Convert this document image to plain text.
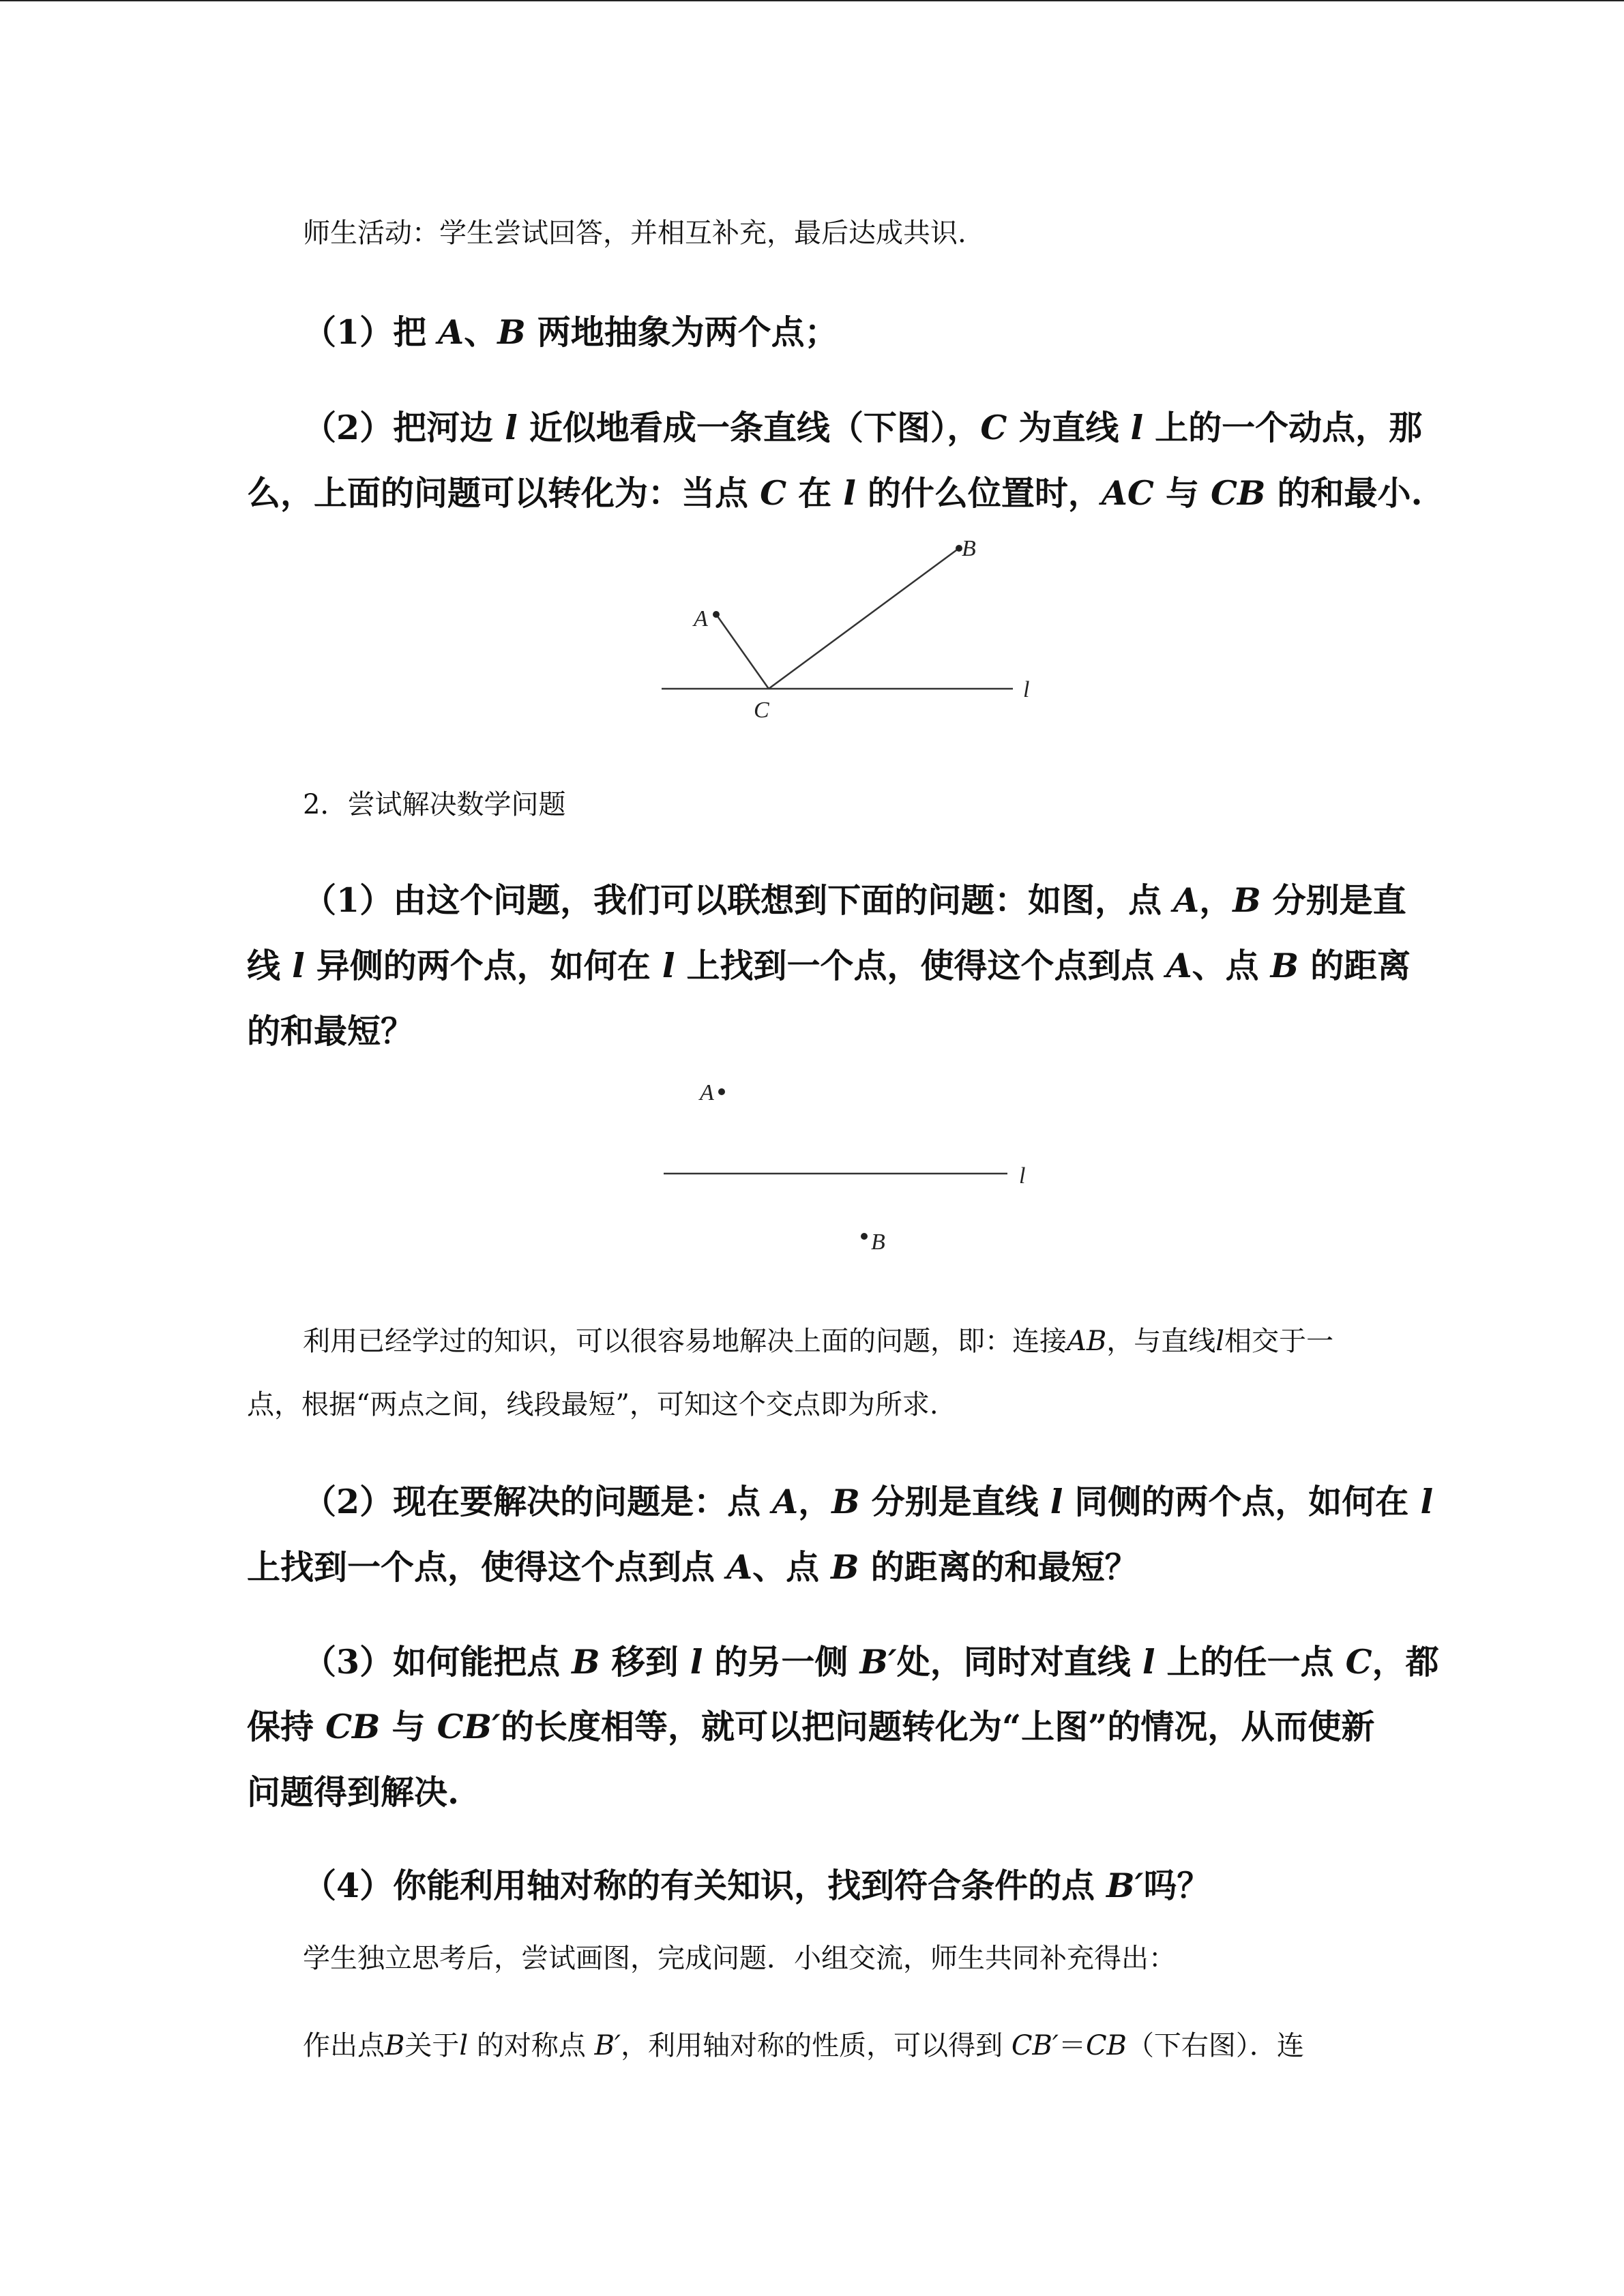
师生活动：学生尝试回答，并相互补充，最后达成共识.

（1）把 A、B 两地抽象为两个点；

（2）把河边 l 近似地看成一条直线（下图），C 为直线 l 上的一个动点，那

么，上面的问题可以转化为：当点 C 在 l 的什么位置时，AC 与 CB 的和最小.

A
B
C
l

2．尝试解决数学问题

（1）由这个问题，我们可以联想到下面的问题：如图，点 A，B 分别是直

线 l 异侧的两个点，如何在 l 上找到一个点，使得这个点到点 A、点 B 的距离

的和最短？

A
B
l

利用已经学过的知识，可以很容易地解决上面的问题，即：连接AB，与直线l相交于一

点，根据“两点之间，线段最短”，可知这个交点即为所求.

（2）现在要解决的问题是：点 A，B 分别是直线 l 同侧的两个点，如何在 l

上找到一个点，使得这个点到点 A、点 B 的距离的和最短？

（3）如何能把点 B 移到 l 的另一侧 B′处，同时对直线 l 上的任一点 C，都

保持 CB 与 CB′的长度相等，就可以把问题转化为“上图”的情况，从而使新

问题得到解决.

（4）你能利用轴对称的有关知识，找到符合条件的点 B′吗？

学生独立思考后，尝试画图，完成问题．小组交流，师生共同补充得出：

作出点B关于l 的对称点 B′，利用轴对称的性质，可以得到 CB′＝CB（下右图）．连
